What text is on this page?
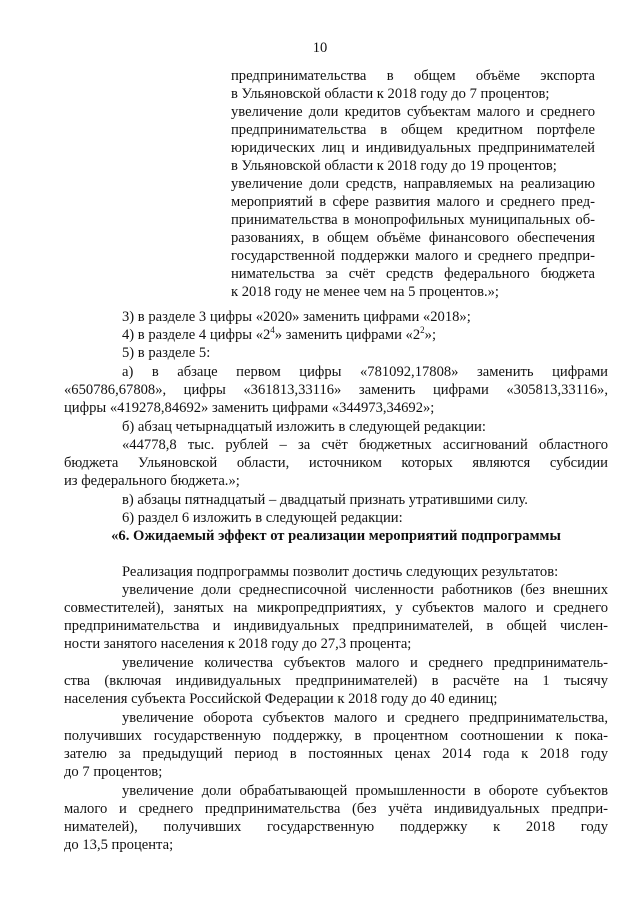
10
предпринимательства в общем объёме экспорта
в Ульяновской области к 2018 году до 7 процентов;
увеличение доли кредитов субъектам малого и среднего
предпринимательства в общем кредитном портфеле
юридических лиц и индивидуальных предпринимателей
в Ульяновской области к 2018 году до 19 процентов;
увеличение доли средств, направляемых на реализацию
мероприятий в сфере развития малого и среднего пред-
принимательства в монопрофильных муниципальных об-
разованиях, в общем объёме финансового обеспечения
государственной поддержки малого и среднего предпри-
нимательства за счёт средств федерального бюджета
к 2018 году не менее чем на 5 процентов.»;
3) в разделе 3 цифры «2020» заменить цифрами «2018»;
4) в разделе 4 цифры «$2^4$» заменить цифрами «$2^2$»;
5) в разделе 5:
а) в абзаце первом цифры «781092,17808» заменить цифрами
«650786,67808», цифры «361813,33116» заменить цифрами «305813,33116»,
цифры «419278,84692» заменить цифрами «344973,34692»;
б) абзац четырнадцатый изложить в следующей редакции:
«44778,8 тыс. рублей – за счёт бюджетных ассигнований областного
бюджета Ульяновской области, источником которых являются субсидии
из федерального бюджета.»;
в) абзацы пятнадцатый – двадцатый признать утратившими силу.
6) раздел 6 изложить в следующей редакции:
«6. Ожидаемый эффект от реализации мероприятий подпрограммы
Реализация подпрограммы позволит достичь следующих результатов:
увеличение доли среднесписочной численности работников (без внешних
совместителей), занятых на микропредприятиях, у субъектов малого и среднего
предпринимательства и индивидуальных предпринимателей, в общей числен-
ности занятого населения к 2018 году до 27,3 процента;
увеличение количества субъектов малого и среднего предприниматель-
ства (включая индивидуальных предпринимателей) в расчёте на 1 тысячу
населения субъекта Российской Федерации к 2018 году до 40 единиц;
увеличение оборота субъектов малого и среднего предпринимательства,
получивших государственную поддержку, в процентном соотношении к пока-
зателю за предыдущий период в постоянных ценах 2014 года к 2018 году
до 7 процентов;
увеличение доли обрабатывающей промышленности в обороте субъектов
малого и среднего предпринимательства (без учёта индивидуальных предпри-
нимателей), получивших государственную поддержку к 2018 году
до 13,5 процента;
